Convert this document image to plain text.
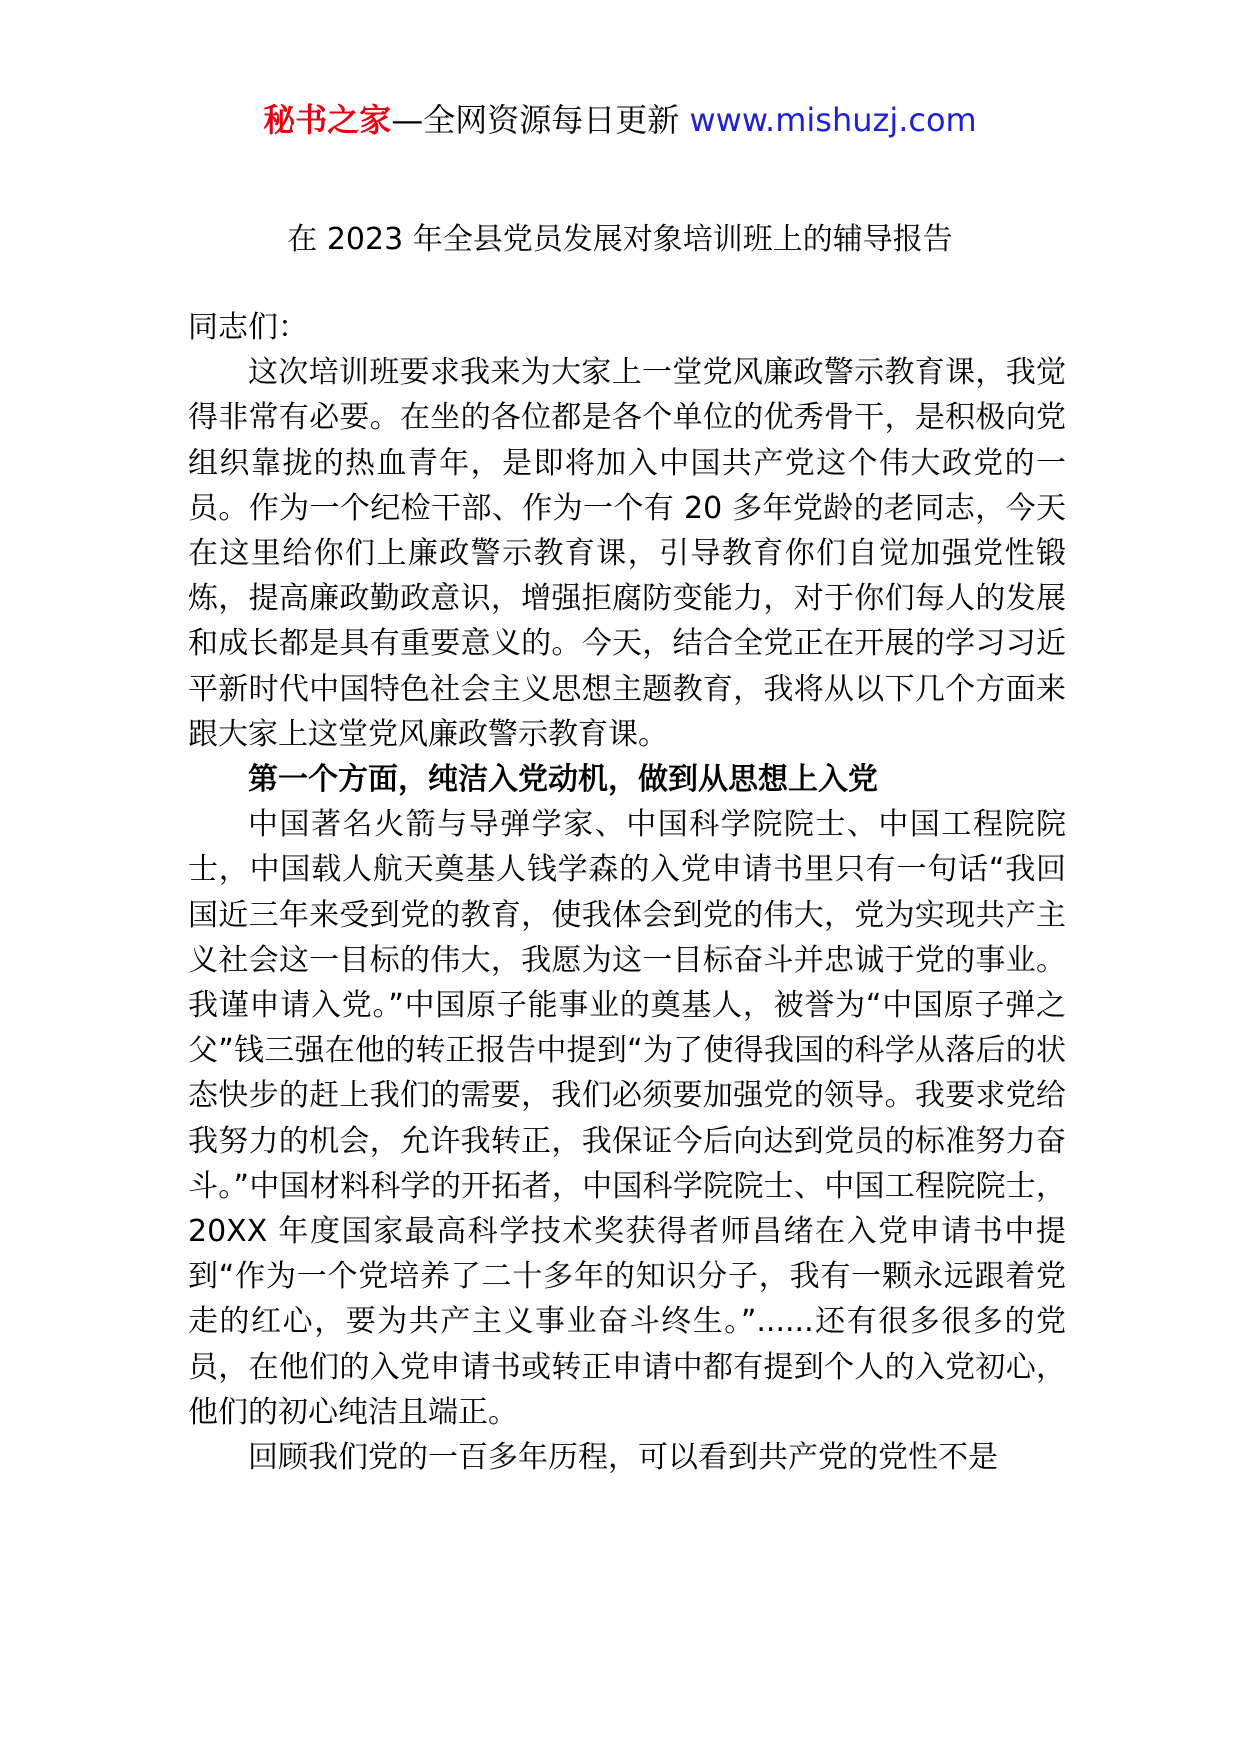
秘书之家—全网资源每日更新 www.mishuzj.com
在 2023 年全县党员发展对象培训班上的辅导报告

同志们：

这次培训班要求我来为大家上一堂党风廉政警示教育课，我觉得非常有必要。在坐的各位都是各个单位的优秀骨干，是积极向党组织靠拢的热血青年，是即将加入中国共产党这个伟大政党的一员。作为一个纪检干部、作为一个有 20 多年党龄的老同志，今天在这里给你们上廉政警示教育课，引导教育你们自觉加强党性锻炼，提高廉政勤政意识，增强拒腐防变能力，对于你们每人的发展和成长都是具有重要意义的。今天，结合全党正在开展的学习习近平新时代中国特色社会主义思想主题教育，我将从以下几个方面来跟大家上这堂党风廉政警示教育课。

第一个方面，纯洁入党动机，做到从思想上入党

中国著名火箭与导弹学家、中国科学院院士、中国工程院院士，中国载人航天奠基人钱学森的入党申请书里只有一句话“我回国近三年来受到党的教育，使我体会到党的伟大，党为实现共产主义社会这一目标的伟大，我愿为这一目标奋斗并忠诚于党的事业。我谨申请入党。”中国原子能事业的奠基人，被誉为“中国原子弹之父”钱三强在他的转正报告中提到“为了使得我国的科学从落后的状态快步的赶上我们的需要，我们必须要加强党的领导。我要求党给我努力的机会，允许我转正，我保证今后向达到党员的标准努力奋斗。”中国材料科学的开拓者，中国科学院院士、中国工程院院士，20XX 年度国家最高科学技术奖获得者师昌绪在入党申请书中提到“作为一个党培养了二十多年的知识分子，我有一颗永远跟着党走的红心，要为共产主义事业奋斗终生。”......还有很多很多的党员，在他们的入党申请书或转正申请中都有提到个人的入党初心，他们的初心纯洁且端正。

回顾我们党的一百多年历程，可以看到共产党的党性不是
